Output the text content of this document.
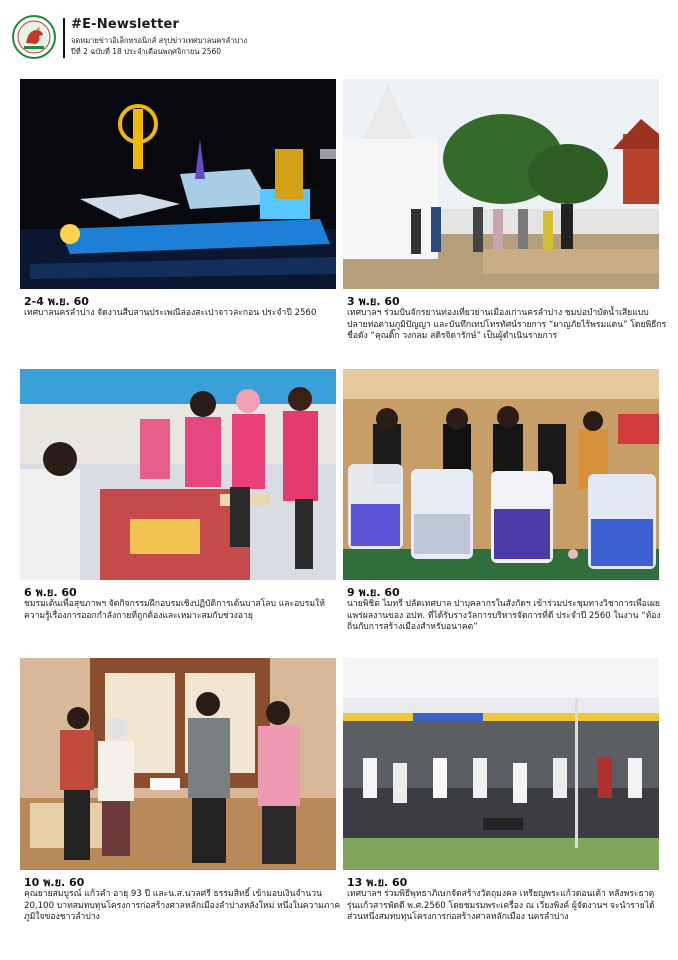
#E-Newsletter
จดหมายข่าวอิเล็กทรอนิกส์ สรุปข่าวเทศบาลนครลำปาง
ปีที่ 2 ฉบับที่ 18 ประจำเดือนพฤศจิกายน 2560
2-4 พ.ย. 60
เทศบาลนครลำปาง จัดงานสืบสานประเพณีล่องสะเปาจาวละกอน ประจำปี 2560
3 พ.ย. 60
เทศบาลฯ ร่วมปั่นจักรยานท่องเที่ยวย่านเมืองเก่านครลำปาง ชมบ่อบำบัดน้ำเสียแบบปลายท่อตามภูมิปัญญา และบันทึกเทปโทรทัศน์รายการ “ผาญภัยไร้พรมแดน” โดยพิธีกรชื่อดัง “คุณติ๊ก วงกลม สดิรจิดารักษ์” เป็นผู้ดำเนินรายการ
6 พ.ย. 60
ชมรมเต้นเพื่อสุขภาพฯ จัดกิจกรรมฝึกอบรมเชิงปฏิบัติการเต้นบาสโลบ และอบรมให้ความรู้เรื่องการออกกำลังกายที่ถูกต้องและเหมาะสมกับช่วงอายุ
9 พ.ย. 60
นายพิชิต ไมทรี ปลัดเทศบาล ปาบุคลากรในสังกัดฯ เข้าร่วมประชุมทางวิชาการเพื่อเผยแพร่ผลงานของ อปท. ที่ได้รับรางวัลการบริหารจัดการที่ดี ประจำปี 2560 ในงาน “ท้องถิ่นกับการสร้างเมืองสำหรับอนาคต”
10 พ.ย. 60
คุณยายสมบูรณ์ แก้วคำ อายุ 93 ปี และน.ส.นวลศรี ธรรมสิทธิ์ เข้ามอบเงินจำนวน 20,100 บาทสมทบทุนโครงการก่อสร้างศาลหลักเมืองลำปางหลังใหม่ หนึ่งในความภาคภูมิใจของชาวลำปาง
13 พ.ย. 60
เทศบาลฯ ร่วมพิธีพุทธาภิเษกจัดสร้างวัตถุมงคล เหรียญพระแก้วดอนเต้า หลังพระธาตุ รุ่นแก้วสารพัดดี พ.ศ.2560 โดยชมรมพระเครื่อง ณ เวียงพิงค์ ผู้จัดงานฯ จะนำรายได้ส่วนหนึ่งสมทบทุนโครงการก่อสร้างศาลหลักเมือง นครลำปาง
